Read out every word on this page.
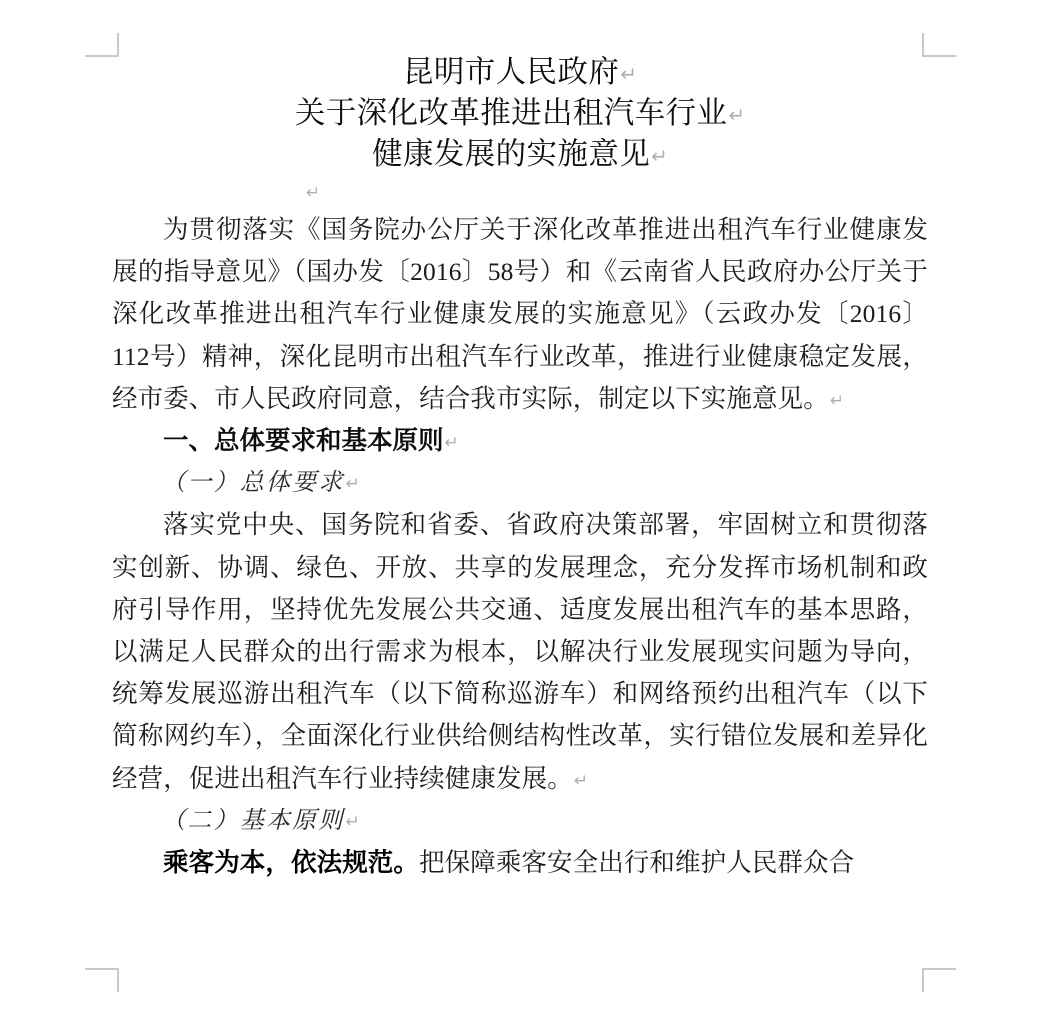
昆明市人民政府↵
关于深化改革推进出租汽车行业↵
健康发展的实施意见↵
↵

为贯彻落实《国务院办公厅关于深化改革推进出租汽车行业健康发展的指导意见》（国办发〔2016〕58号）和《云南省人民政府办公厅关于深化改革推进出租汽车行业健康发展的实施意见》（云政办发〔2016〕112号）精神，深化昆明市出租汽车行业改革，推进行业健康稳定发展，经市委、市人民政府同意，结合我市实际，制定以下实施意见。↵

一、总体要求和基本原则↵

（一）总体要求↵

落实党中央、国务院和省委、省政府决策部署，牢固树立和贯彻落实创新、协调、绿色、开放、共享的发展理念，充分发挥市场机制和政府引导作用，坚持优先发展公共交通、适度发展出租汽车的基本思路，以满足人民群众的出行需求为根本，以解决行业发展现实问题为导向，统筹发展巡游出租汽车（以下简称巡游车）和网络预约出租汽车（以下简称网约车），全面深化行业供给侧结构性改革，实行错位发展和差异化经营，促进出租汽车行业持续健康发展。↵

（二）基本原则↵

乘客为本，依法规范。把保障乘客安全出行和维护人民群众合
